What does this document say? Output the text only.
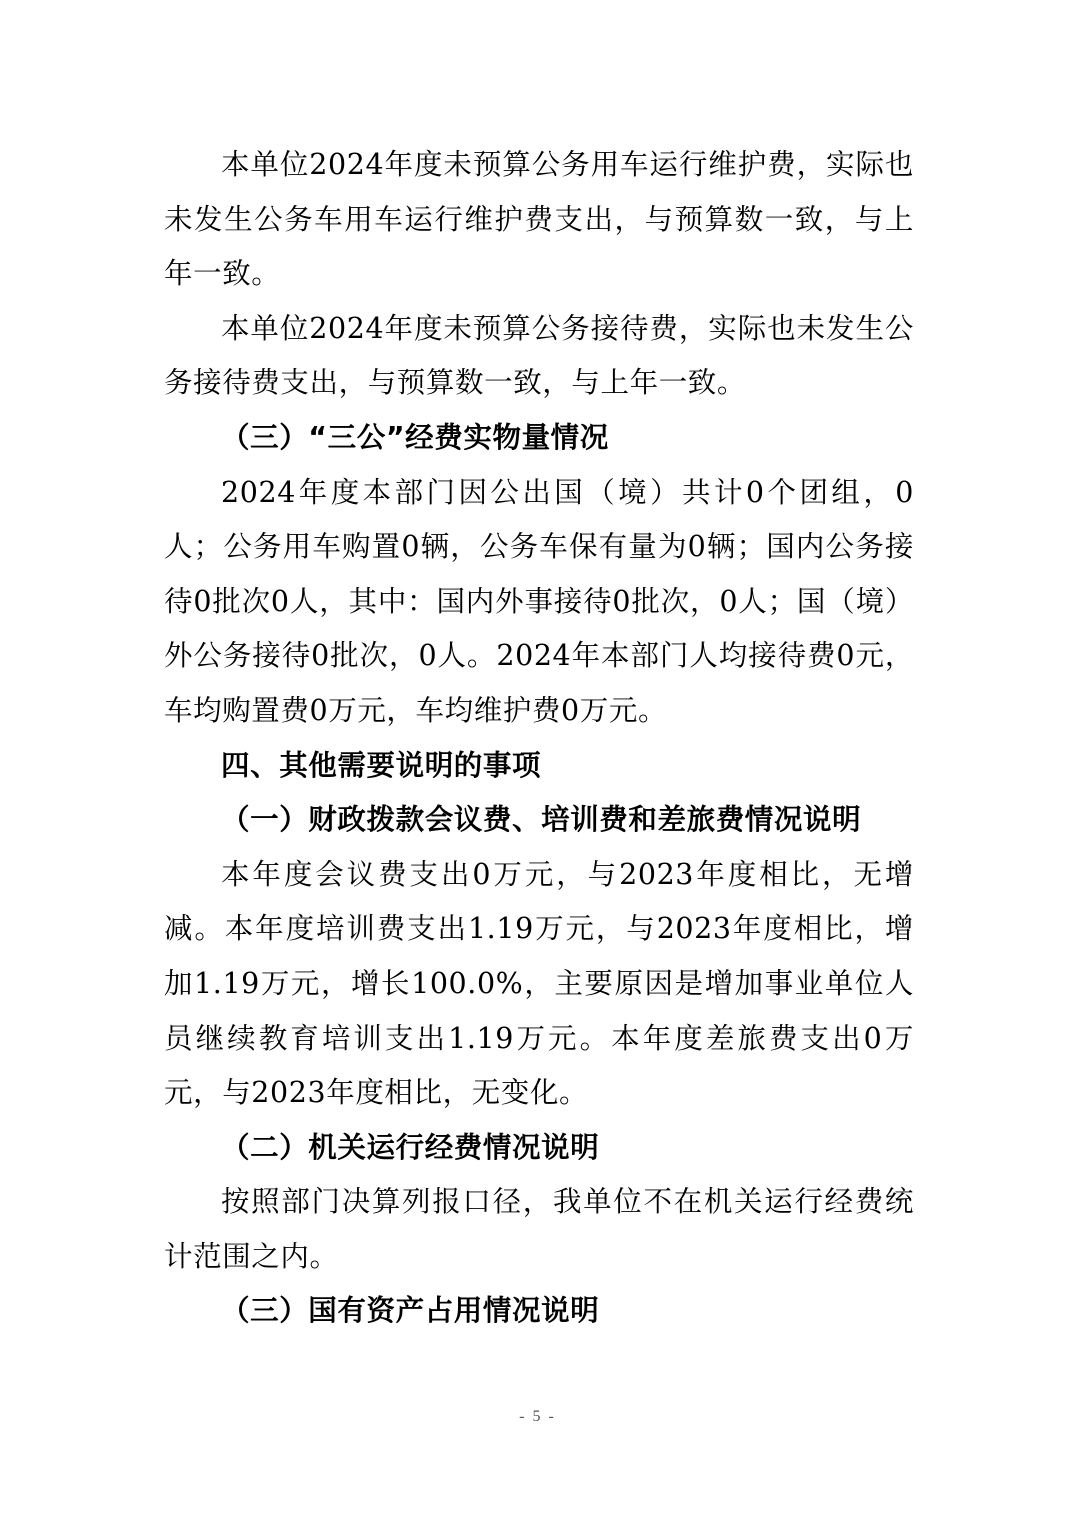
本单位2024年度未预算公务用车运行维护费，实际也未发生公务车用车运行维护费支出，与预算数一致，与上年一致。

本单位2024年度未预算公务接待费，实际也未发生公务接待费支出，与预算数一致，与上年一致。

（三）“三公”经费实物量情况

2024年度本部门因公出国（境）共计0个团组，0人；公务用车购置0辆，公务车保有量为0辆；国内公务接待0批次0人，其中：国内外事接待0批次，0人；国（境）外公务接待0批次，0人。2024年本部门人均接待费0元，车均购置费0万元，车均维护费0万元。

四、其他需要说明的事项

（一）财政拨款会议费、培训费和差旅费情况说明

本年度会议费支出0万元，与2023年度相比，无增减。本年度培训费支出1.19万元，与2023年度相比，增加1.19万元，增长100.0%，主要原因是增加事业单位人员继续教育培训支出1.19万元。本年度差旅费支出0万元，与2023年度相比，无变化。

（二）机关运行经费情况说明

按照部门决算列报口径，我单位不在机关运行经费统计范围之内。

（三）国有资产占用情况说明

- 5 -
